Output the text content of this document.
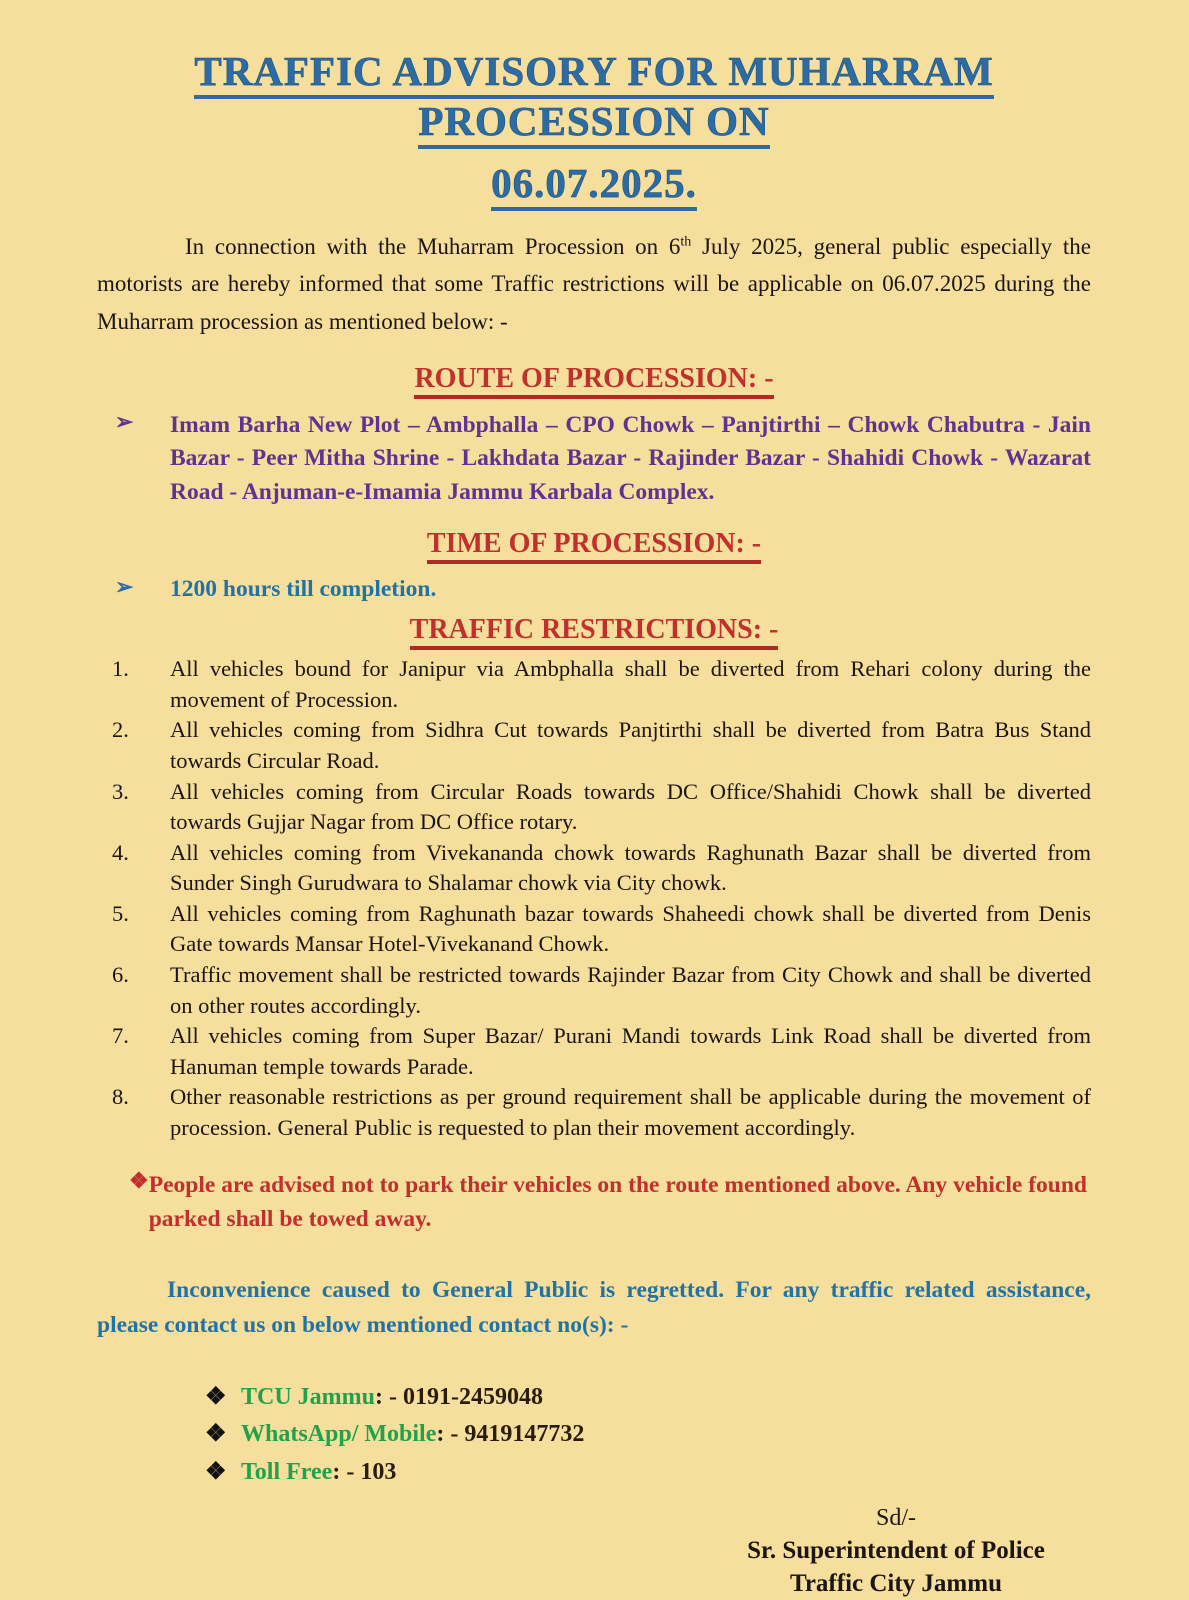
TRAFFIC ADVISORY FOR MUHARRAM PROCESSION ON
06.07.2025.

In connection with the Muharram Procession on 6th July 2025, general public especially the motorists are hereby informed that some Traffic restrictions will be applicable on 06.07.2025 during the Muharram procession as mentioned below: -

ROUTE OF PROCESSION: -
➢	Imam Barha New Plot – Ambphalla – CPO Chowk – Panjtirthi – Chowk Chabutra - Jain Bazar - Peer Mitha Shrine - Lakhdata Bazar - Rajinder Bazar - Shahidi Chowk - Wazarat Road - Anjuman-e-Imamia Jammu Karbala Complex.
TIME OF PROCESSION: -
➢	1200 hours till completion.
TRAFFIC RESTRICTIONS: -
1.	All vehicles bound for Janipur via Ambphalla shall be diverted from Rehari colony during the movement of Procession.
2.	All vehicles coming from Sidhra Cut towards Panjtirthi shall be diverted from Batra Bus Stand towards Circular Road.
3.	All vehicles coming from Circular Roads towards DC Office/Shahidi Chowk shall be diverted towards Gujjar Nagar from DC Office rotary.
4.	All vehicles coming from Vivekananda chowk towards Raghunath Bazar shall be diverted from Sunder Singh Gurudwara to Shalamar chowk via City chowk.
5.	All vehicles coming from Raghunath bazar towards Shaheedi chowk shall be diverted from Denis Gate towards Mansar Hotel-Vivekanand Chowk.
6.	Traffic movement shall be restricted towards Rajinder Bazar from City Chowk and shall be diverted on other routes accordingly.
7.	All vehicles coming from Super Bazar/ Purani Mandi towards Link Road shall be diverted from Hanuman temple towards Parade.
8.	Other reasonable restrictions as per ground requirement shall be applicable during the movement of procession. General Public is requested to plan their movement accordingly.
❖ People are advised not to park their vehicles on the route mentioned above. Any vehicle found parked shall be towed away.

Inconvenience caused to General Public is regretted. For any traffic related assistance, please contact us on below mentioned contact no(s): -

❖ TCU Jammu: - 0191-2459048
❖ WhatsApp/ Mobile: - 9419147732
❖ Toll Free: - 103
Sd/-
Sr. Superintendent of Police
Traffic City Jammu
